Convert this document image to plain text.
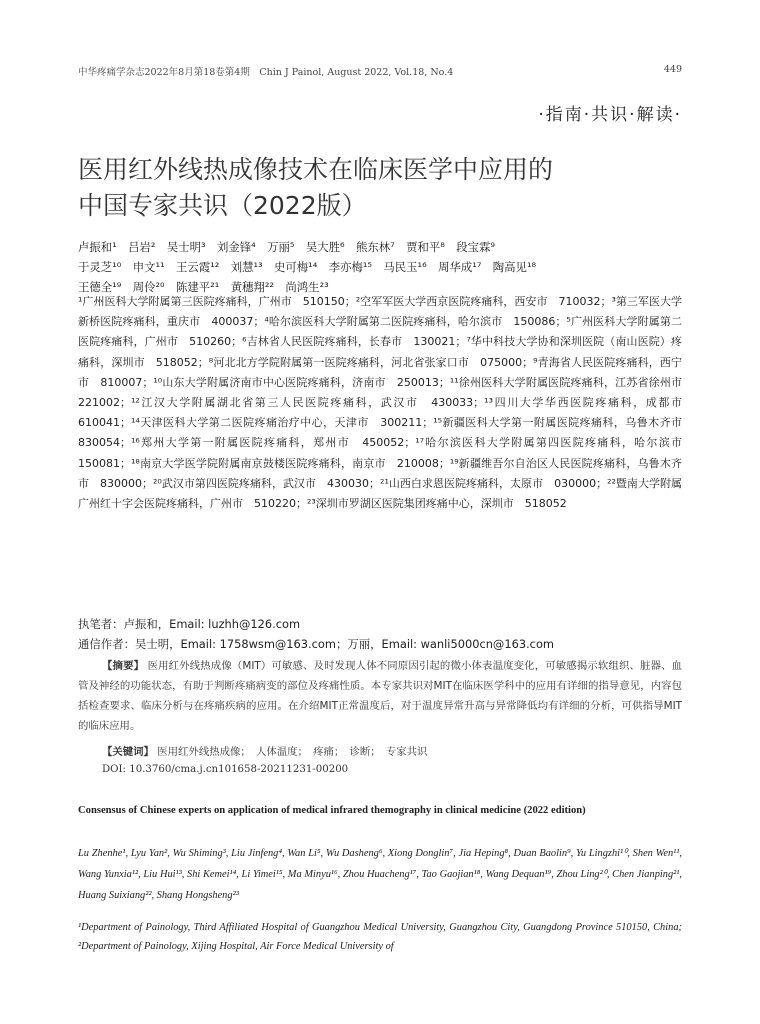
中华疼痛学杂志2022年8月第18卷第4期　Chin J Painol, August 2022, Vol.18, No.4	449
·指南·共识·解读·
医用红外线热成像技术在临床医学中应用的
中国专家共识（2022版）
卢振和¹　吕岩²　吴士明³　刘金锋⁴　万丽⁵　吴大胜⁶　熊东林⁷　贾和平⁸　段宝霖⁹
于灵芝¹⁰　申文¹¹　王云霞¹²　刘慧¹³　史可梅¹⁴　李亦梅¹⁵　马民玉¹⁶　周华成¹⁷　陶高见¹⁸
王德全¹⁹　周伶²⁰　陈建平²¹　黄穗翔²²　尚鸿生²³
¹广州医科大学附属第三医院疼痛科，广州市　510150；²空军军医大学西京医院疼痛科，西安市　710032；³第三军医大学新桥医院疼痛科，重庆市　400037；⁴哈尔滨医科大学附属第二医院疼痛科，哈尔滨市　150086；⁵广州医科大学附属第二医院疼痛科，广州市　510260；⁶吉林省人民医院疼痛科，长春市　130021；⁷华中科技大学协和深圳医院（南山医院）疼痛科，深圳市　518052；⁸河北北方学院附属第一医院疼痛科，河北省张家口市　075000；⁹青海省人民医院疼痛科，西宁市　810007；¹⁰山东大学附属济南市中心医院疼痛科，济南市　250013；¹¹徐州医科大学附属医院疼痛科，江苏省徐州市　221002；¹²江汉大学附属湖北省第三人民医院疼痛科，武汉市　430033；¹³四川大学华西医院疼痛科，成都市　610041；¹⁴天津医科大学第二医院疼痛治疗中心，天津市　300211；¹⁵新疆医科大学第一附属医院疼痛科，乌鲁木齐市　830054；¹⁶郑州大学第一附属医院疼痛科，郑州市　450052；¹⁷哈尔滨医科大学附属第四医院疼痛科，哈尔滨市　150081；¹⁸南京大学医学院附属南京鼓楼医院疼痛科，南京市　210008；¹⁹新疆维吾尔自治区人民医院疼痛科，乌鲁木齐市　830000；²⁰武汉市第四医院疼痛科，武汉市　430030；²¹山西白求恩医院疼痛科，太原市　030000；²²暨南大学附属广州红十字会医院疼痛科，广州市　510220；²³深圳市罗湖区医院集团疼痛中心，深圳市　518052
执笔者：卢振和，Email: luzhh@126.com
通信作者：吴士明，Email: 1758wsm@163.com；万丽，Email: wanli5000cn@163.com
【摘要】 医用红外线热成像（MIT）可敏感、及时发现人体不同原因引起的微小体表温度变化，可敏感揭示软组织、脏器、血管及神经的功能状态，有助于判断疼痛病变的部位及疼痛性质。本专家共识对MIT在临床医学科中的应用有详细的指导意见，内容包括检查要求、临床分析与在疼痛疾病的应用。在介绍MIT正常温度后，对于温度异常升高与异常降低均有详细的分析，可供指导MIT的临床应用。
【关键词】 医用红外线热成像；　人体温度；　疼痛；　诊断；　专家共识
DOI: 10.3760/cma.j.cn101658-20211231-00200
Consensus of Chinese experts on application of medical infrared themography in clinical medicine (2022 edition)
Lu Zhenhe¹, Lyu Yan², Wu Shiming³, Liu Jinfeng⁴, Wan Li⁵, Wu Dasheng⁶, Xiong Donglin⁷, Jia Heping⁸, Duan Baolin⁹, Yu Lingzhi¹⁰, Shen Wen¹¹, Wang Yunxia¹², Liu Hui¹³, Shi Kemei¹⁴, Li Yimei¹⁵, Ma Minyu¹⁶, Zhou Huacheng¹⁷, Tao Gaojian¹⁸, Wang Dequan¹⁹, Zhou Ling²⁰, Chen Jianping²¹, Huang Suixiang²², Shang Hongsheng²³
¹Department of Painology, Third Affiliated Hospital of Guangzhou Medical University, Guangzhou City, Guangdong Province 510150, China; ²Department of Painology, Xijing Hospital, Air Force Medical University of
